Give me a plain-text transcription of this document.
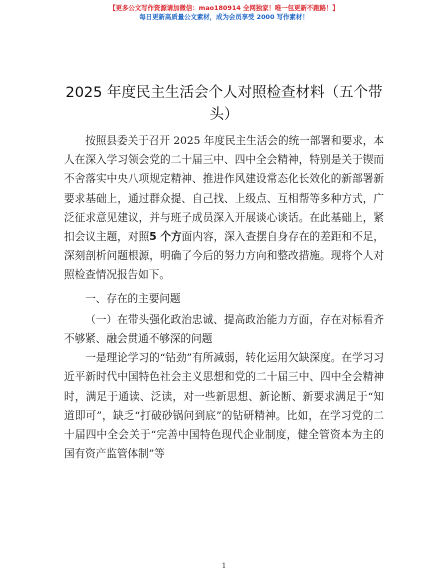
【更多公文写作资源请加微信：mao180914 全网独家！唯一包更新不跑路！】
每日更新高质量公文素材，成为会员享受 2000 写作素材！
2025 年度民主生活会个人对照检查材料（五个带头）

按照县委关于召开 2025 年度民主生活会的统一部署和要求，本人在深入学习领会党的二十届三中、四中全会精神，特别是关于锲而不舍落实中央八项规定精神、推进作风建设常态化长效化的新部署新要求基础上，通过群众提、自己找、上级点、互相帮等多种方式，广泛征求意见建议，并与班子成员深入开展谈心谈话。在此基础上，紧扣会议主题，对照5 个方面内容，深入查摆自身存在的差距和不足，深刻剖析问题根源，明确了今后的努力方向和整改措施。现将个人对照检查情况报告如下。

一、存在的主要问题

（一）在带头强化政治忠诚、提高政治能力方面，存在对标看齐不够紧、融会贯通不够深的问题

一是理论学习的“钻劲”有所减弱，转化运用欠缺深度。在学习习近平新时代中国特色社会主义思想和党的二十届三中、四中全会精神时，满足于通读、泛读，对一些新思想、新论断、新要求满足于“知道即可”，缺乏“打破砂锅问到底”的钻研精神。比如，在学习党的二十届四中全会关于“完善中国特色现代企业制度，健全管资本为主的国有资产监管体制”等

1
